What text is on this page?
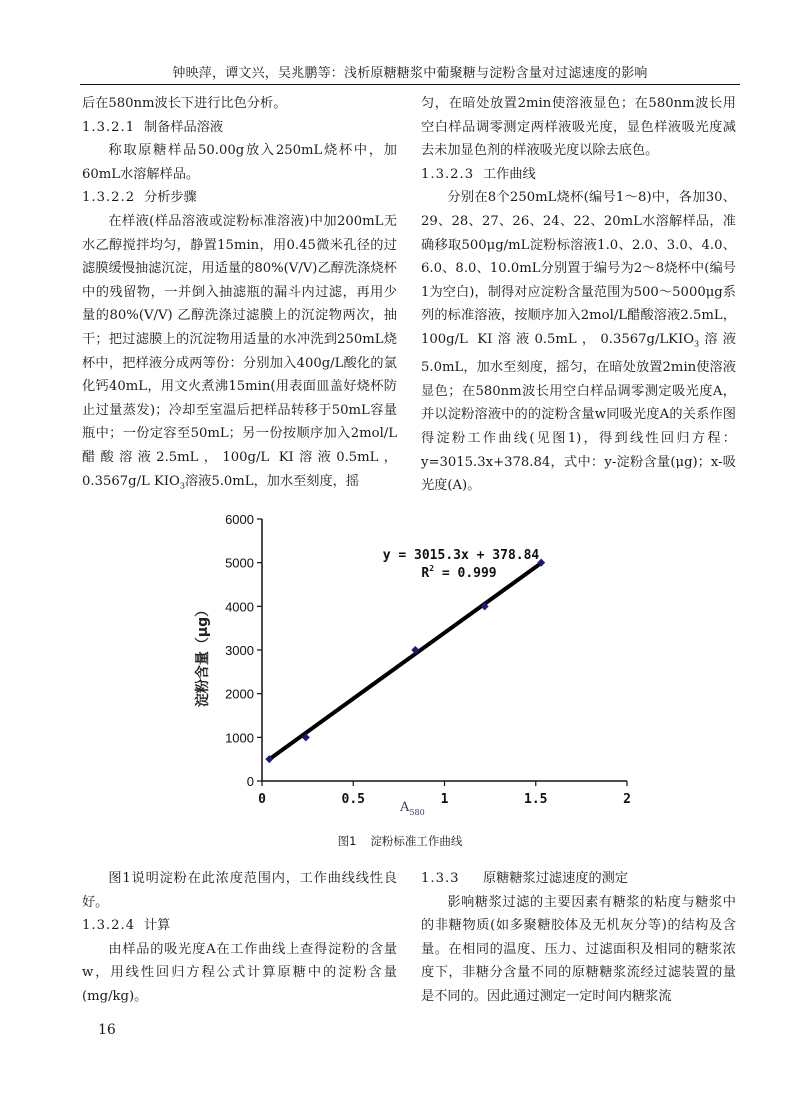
钟映萍，谭文兴，吴兆鹏等：浅析原糖糖浆中葡聚糖与淀粉含量对过滤速度的影响

后在580nm波长下进行比色分析。

1.3.2.1 制备样品溶液

称取原糖样品50.00g放入250mL烧杯中，加60mL水溶解样品。

1.3.2.2 分析步骤

在样液(样品溶液或淀粉标准溶液)中加200mL无水乙醇搅拌均匀，静置15min，用0.45微米孔径的过滤膜缓慢抽滤沉淀，用适量的80%(V/V)乙醇洗涤烧杯中的残留物，一并倒入抽滤瓶的漏斗内过滤，再用少量的80%(V/V) 乙醇洗涤过滤膜上的沉淀物两次，抽干；把过滤膜上的沉淀物用适量的水冲洗到250mL烧杯中，把样液分成两等份：分别加入400g/L酸化的氯化钙40mL，用文火煮沸15min(用表面皿盖好烧杯防止过量蒸发)；冷却至室温后把样品转移于50mL容量瓶中；一份定容至50mL；另一份按顺序加入2mol/L醋酸溶液2.5mL，100g/L KI溶液0.5mL，0.3567g/L $KIO_3$溶液5.0mL，加水至刻度，摇

匀，在暗处放置2min使溶液显色；在580nm波长用空白样品调零测定两样液吸光度，显色样液吸光度减去未加显色剂的样液吸光度以除去底色。

1.3.2.3 工作曲线

分别在8个250mL烧杯(编号1～8)中，各加30、29、28、27、26、24、22、20mL水溶解样品，准确移取500μg/mL淀粉标溶液1.0、2.0、3.0、4.0、6.0、8.0、10.0mL分别置于编号为2～8烧杯中(编号1为空白)，制得对应淀粉含量范围为500～5000μg系列的标准溶液，按顺序加入2mol/L醋酸溶液2.5mL，100g/L KI溶液0.5mL，$0.3567g/LKIO_3$溶液5.0mL，加水至刻度，摇匀，在暗处放置2min使溶液显色；在580nm波长用空白样品调零测定吸光度A，并以淀粉溶液中的的淀粉含量w同吸光度A的关系作图得淀粉工作曲线(见图1)，得到线性回归方程：y=3015.3x+378.84，式中：y-淀粉含量(μg)；x-吸光度(A)。

0
1000
2000
3000
4000
5000
6000
0	0.5	1	1.5	2
y = 3015.3x + 378.84
$R^2 = 0.999$
淀粉含量（μg）
$A_{580}$
图1 淀粉标准工作曲线

图1说明淀粉在此浓度范围内，工作曲线线性良好。

1.3.2.4 计算

由样品的吸光度A在工作曲线上查得淀粉的含量w，用线性回归方程公式计算原糖中的淀粉含量(mg/kg)。

1.3.3 原糖糖浆过滤速度的测定

影响糖浆过滤的主要因素有糖浆的粘度与糖浆中的非糖物质(如多聚糖胶体及无机灰分等)的结构及含量。在相同的温度、压力、过滤面积及相同的糖浆浓度下，非糖分含量不同的原糖糖浆流经过滤装置的量是不同的。因此通过测定一定时间内糖浆流

16
